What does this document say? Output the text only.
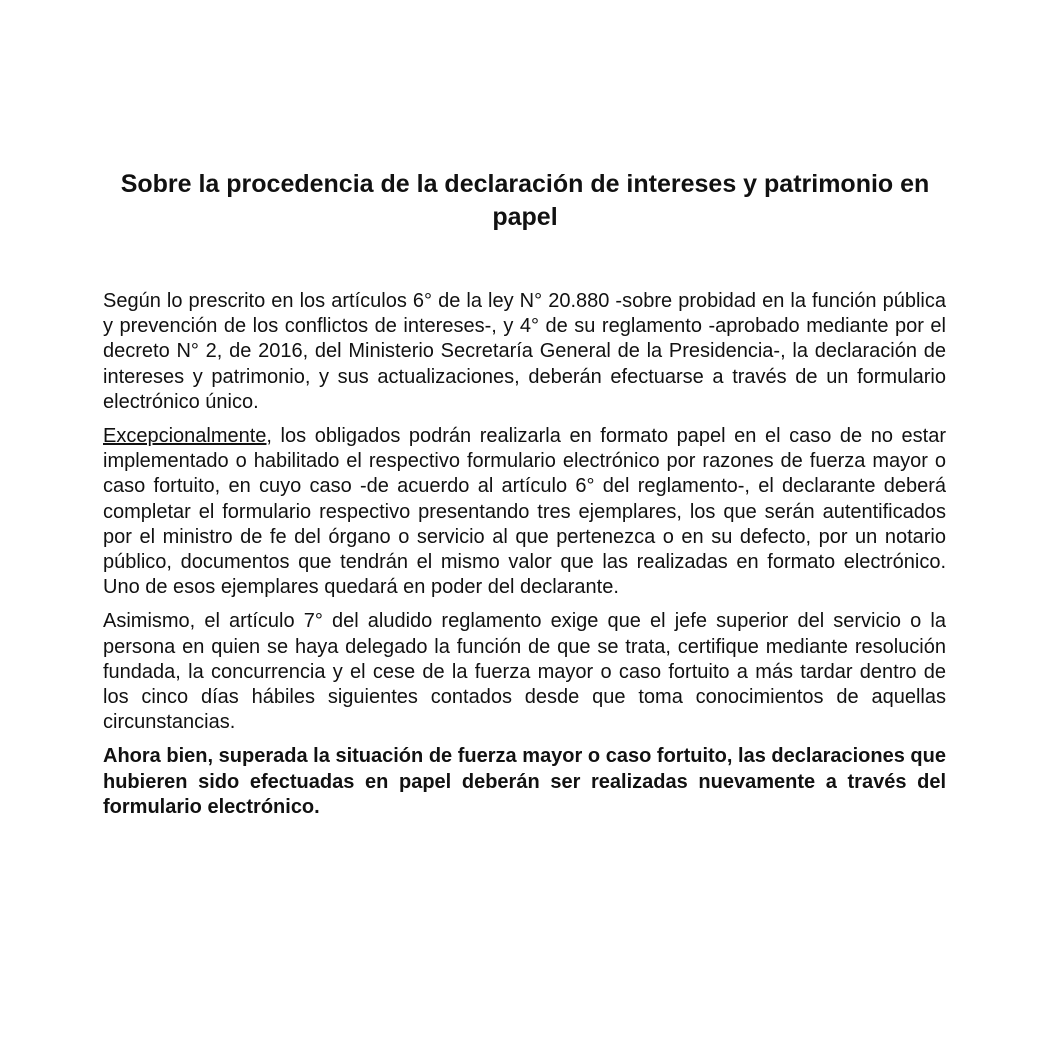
Sobre la procedencia de la declaración de intereses y patrimonio en papel

Según lo prescrito en los artículos 6° de la ley N° 20.880 -sobre probidad en la función pública y prevención de los conflictos de intereses-, y 4° de su reglamento -aprobado mediante por el decreto N° 2, de 2016, del Ministerio Secretaría General de la Presidencia-, la declaración de intereses y patrimonio, y sus actualizaciones, deberán efectuarse a través de un formulario electrónico único.

Excepcionalmente, los obligados podrán realizarla en formato papel en el caso de no estar implementado o habilitado el respectivo formulario electrónico por razones de fuerza mayor o caso fortuito, en cuyo caso -de acuerdo al artículo 6° del reglamento-, el declarante deberá completar el formulario respectivo presentando tres ejemplares, los que serán autentificados por el ministro de fe del órgano o servicio al que pertenezca o en su defecto, por un notario público, documentos que tendrán el mismo valor que las realizadas en formato electrónico. Uno de esos ejemplares quedará en poder del declarante.

Asimismo, el artículo 7° del aludido reglamento exige que el jefe superior del servicio o la persona en quien se haya delegado la función de que se trata, certifique mediante resolución fundada, la concurrencia y el cese de la fuerza mayor o caso fortuito a más tardar dentro de los cinco días hábiles siguientes contados desde que toma conocimientos de aquellas circunstancias.

Ahora bien, superada la situación de fuerza mayor o caso fortuito, las declaraciones que hubieren sido efectuadas en papel deberán ser realizadas nuevamente a través del formulario electrónico.
